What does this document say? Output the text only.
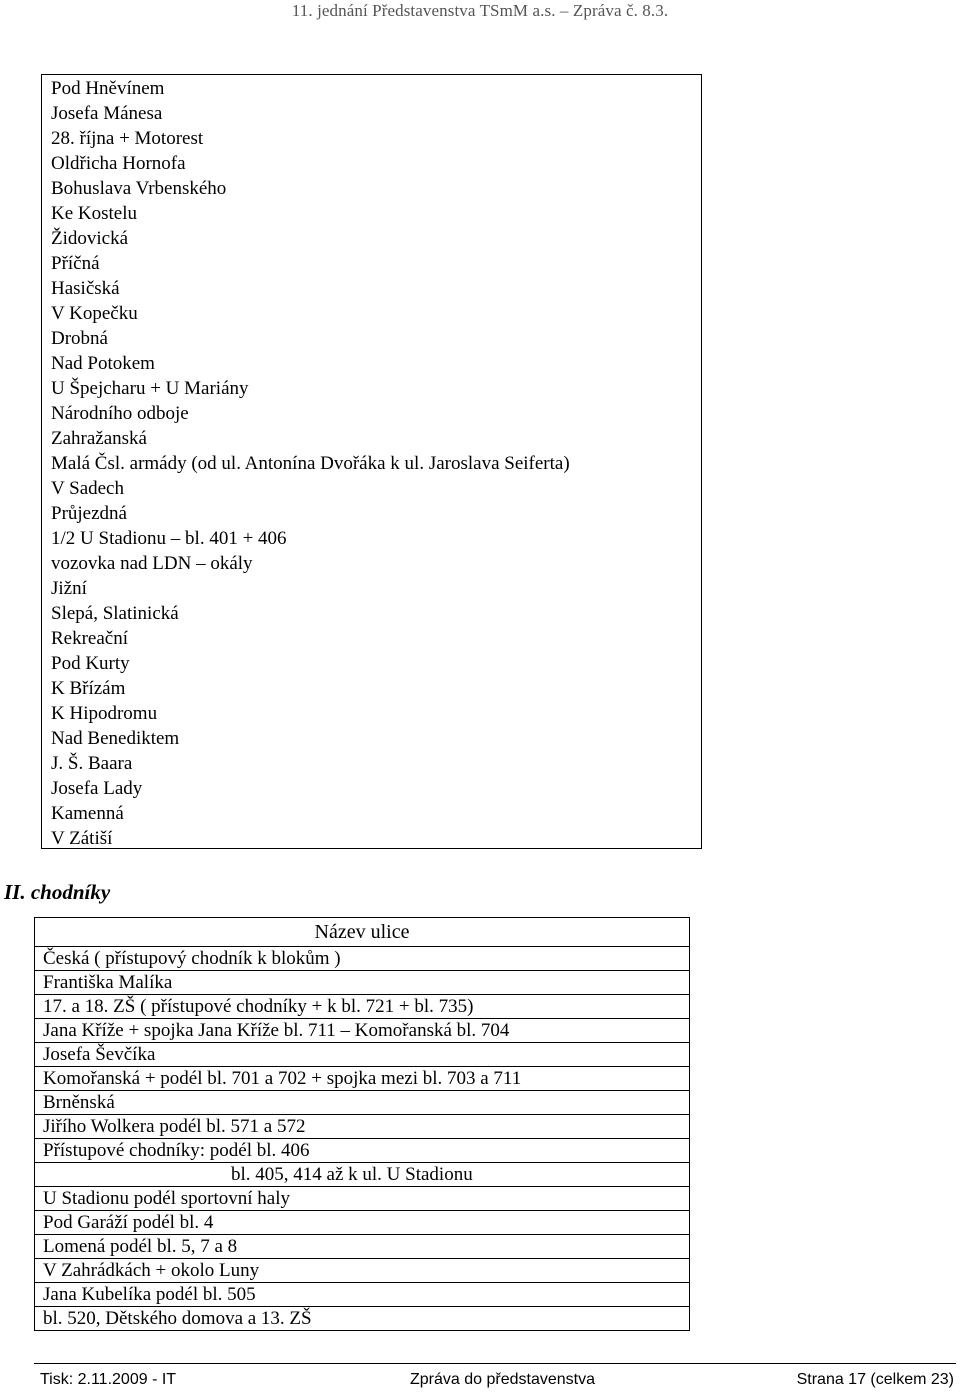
11. jednání Představenstva TSmM a.s. – Zpráva č. 8.3.
Pod Hněvínem
Josefa Mánesa
28. října + Motorest
Oldřicha Hornofa
Bohuslava Vrbenského
Ke Kostelu
Židovická
Příčná
Hasičská
V Kopečku
Drobná
Nad Potokem
U Špejcharu + U Mariány
Národního odboje
Zahražanská
Malá Čsl. armády (od ul. Antonína Dvořáka k ul. Jaroslava Seiferta)
V Sadech
Průjezdná
1/2 U Stadionu – bl. 401 + 406
vozovka nad LDN – okály
Jižní
Slepá, Slatinická
Rekreační
Pod Kurty
K Břízám
K Hipodromu
Nad Benediktem
J. Š. Baara
Josefa Lady
Kamenná
V Zátiší
II. chodníky
Název ulice
Česká ( přístupový chodník k blokům )
Františka Malíka
17. a 18. ZŠ ( přístupové chodníky + k bl. 721 + bl. 735)
Jana Kříže + spojka Jana Kříže bl. 711 – Komořanská bl. 704
Josefa Ševčíka
Komořanská + podél bl. 701 a 702 + spojka mezi bl. 703 a 711
Brněnská
Jiřího Wolkera podél bl. 571 a 572
Přístupové chodníky: podél bl. 406
bl. 405, 414 až k ul. U Stadionu
U Stadionu podél sportovní haly
Pod Garáží podél bl. 4
Lomená podél bl. 5, 7 a 8
V Zahrádkách + okolo Luny
Jana Kubelíka podél bl. 505
bl. 520, Dětského domova a 13. ZŠ
Tisk: 2.11.2009 - IT	Zpráva do představenstva	Strana 17 (celkem 23)
